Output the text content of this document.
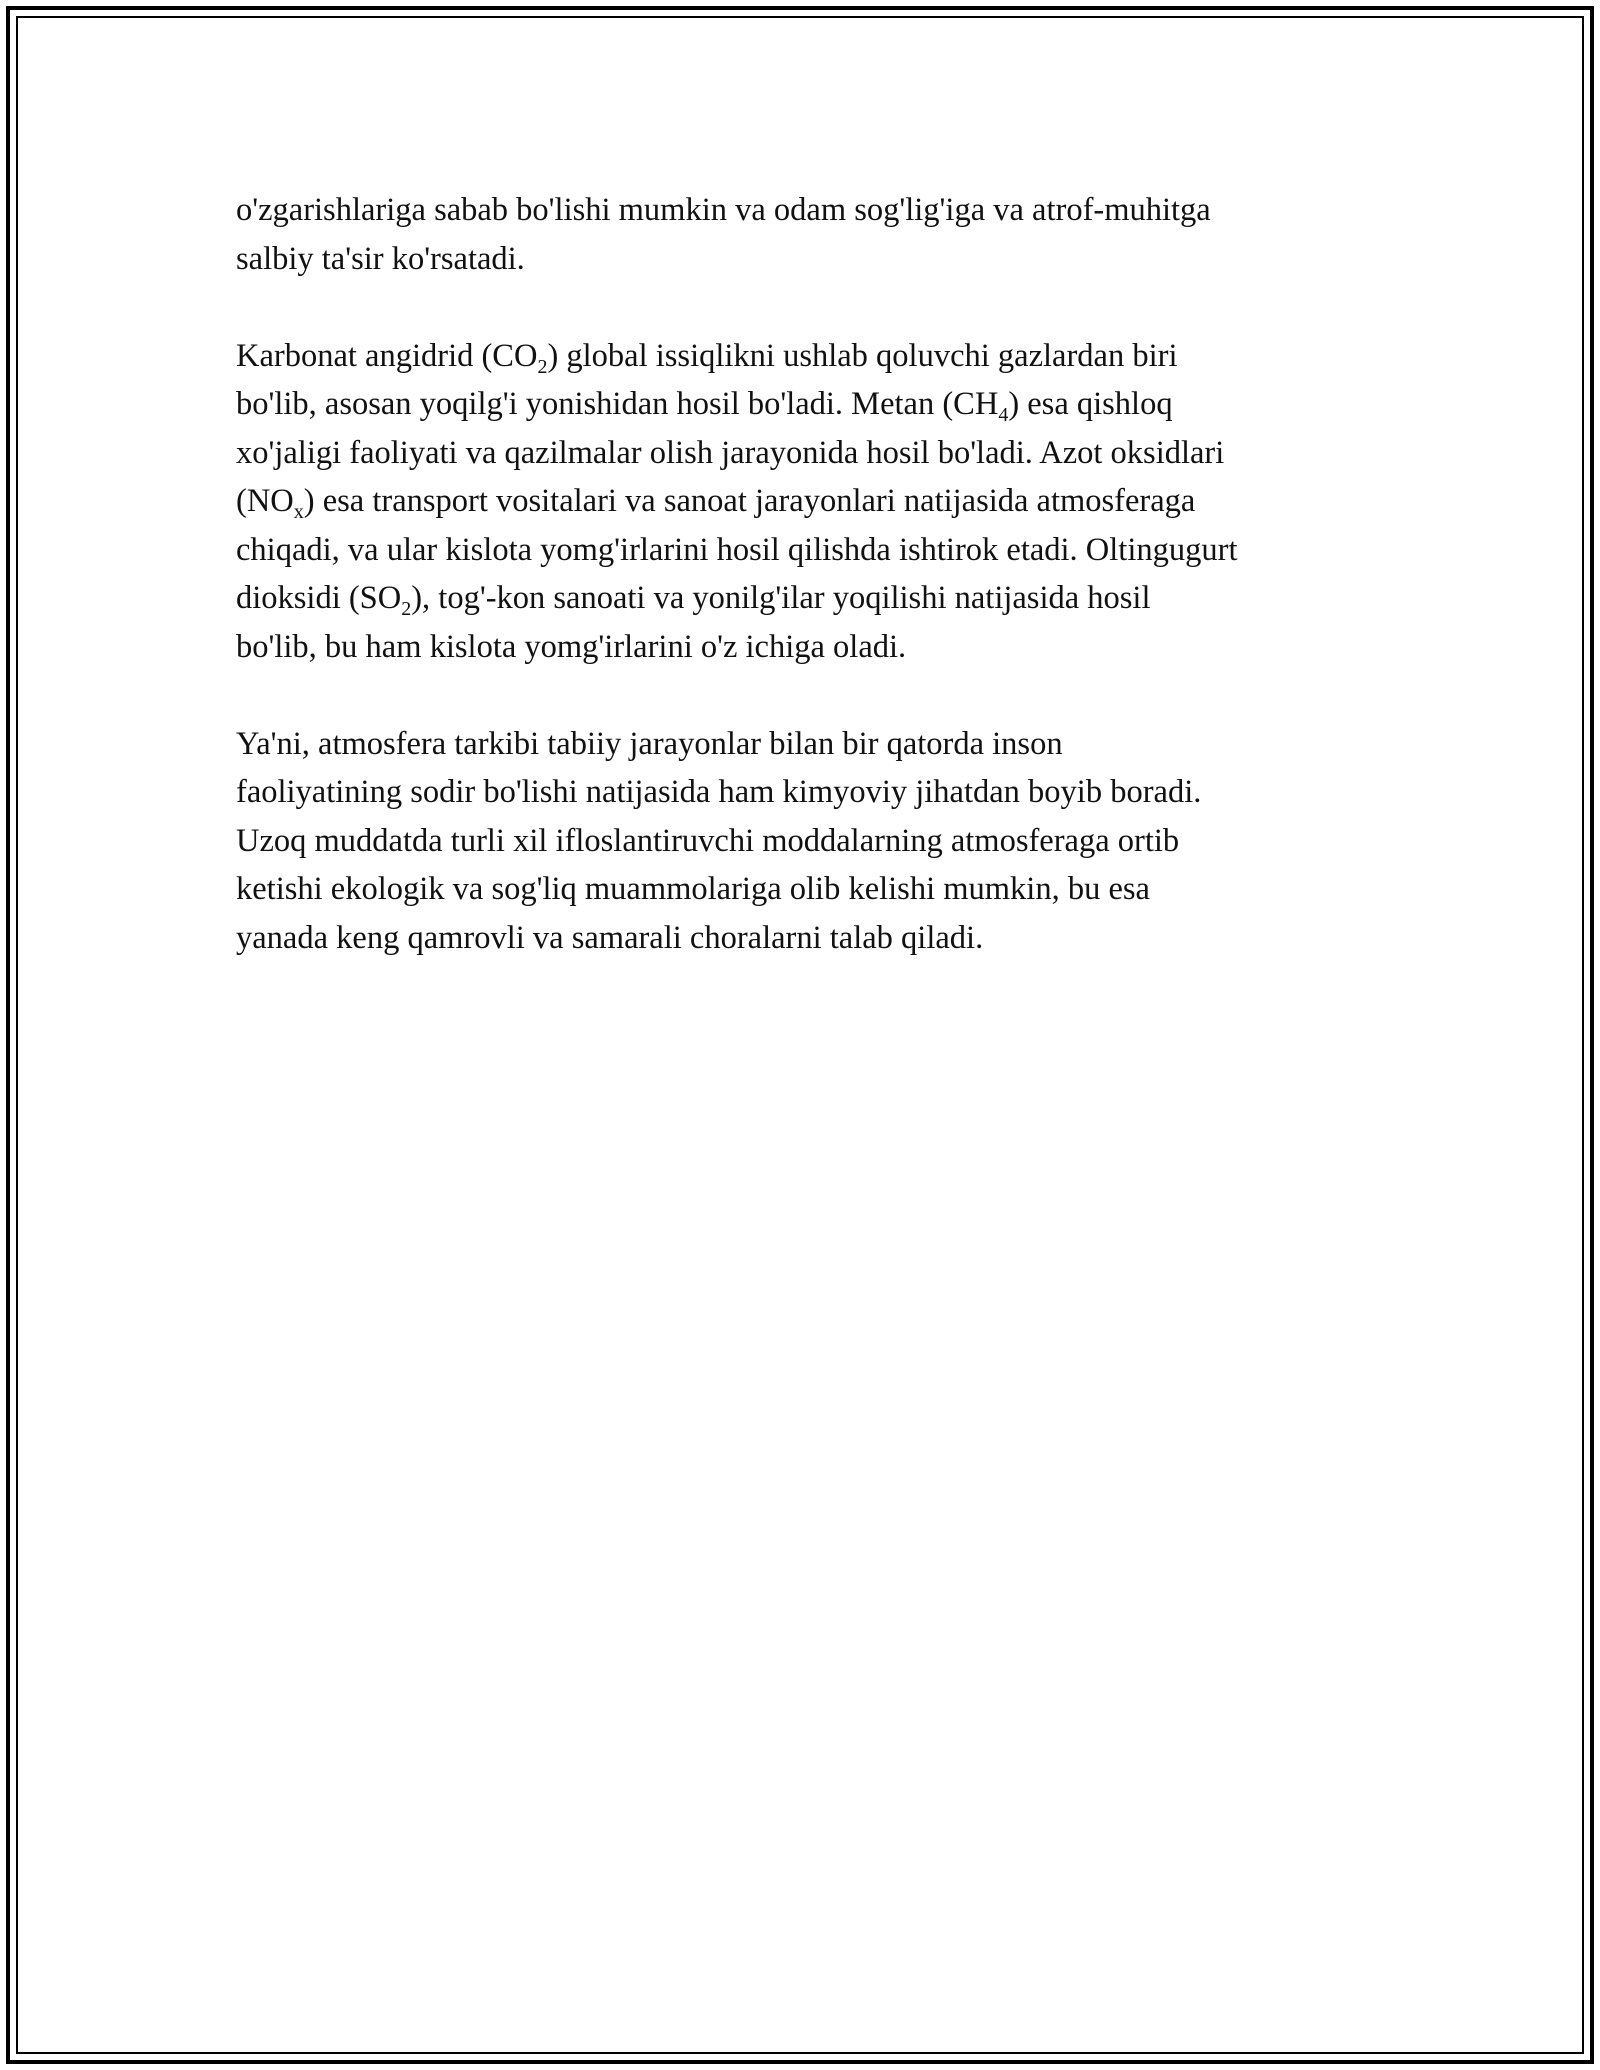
o'zgarishlariga sabab bo'lishi mumkin va odam sog'lig'iga va atrof-muhitga
salbiy ta'sir ko'rsatadi.
Karbonat angidrid $(CO_2)$ global issiqlikni ushlab qoluvchi gazlardan biri
bo'lib, asosan yoqilg'i yonishidan hosil bo'ladi. Metan $(CH_4)$ esa qishloq
xo'jaligi faoliyati va qazilmalar olish jarayonida hosil bo'ladi. Azot oksidlari
$(NO_x)$ esa transport vositalari va sanoat jarayonlari natijasida atmosferaga
chiqadi, va ular kislota yomg'irlarini hosil qilishda ishtirok etadi. Oltingugurt
dioksidi $(SO_2)$, tog'-kon sanoati va yonilg'ilar yoqilishi natijasida hosil
bo'lib, bu ham kislota yomg'irlarini o'z ichiga oladi.
Ya'ni, atmosfera tarkibi tabiiy jarayonlar bilan bir qatorda inson
faoliyatining sodir bo'lishi natijasida ham kimyoviy jihatdan boyib boradi.
Uzoq muddatda turli xil ifloslantiruvchi moddalarning atmosferaga ortib
ketishi ekologik va sog'liq muammolariga olib kelishi mumkin, bu esa
yanada keng qamrovli va samarali choralarni talab qiladi.
